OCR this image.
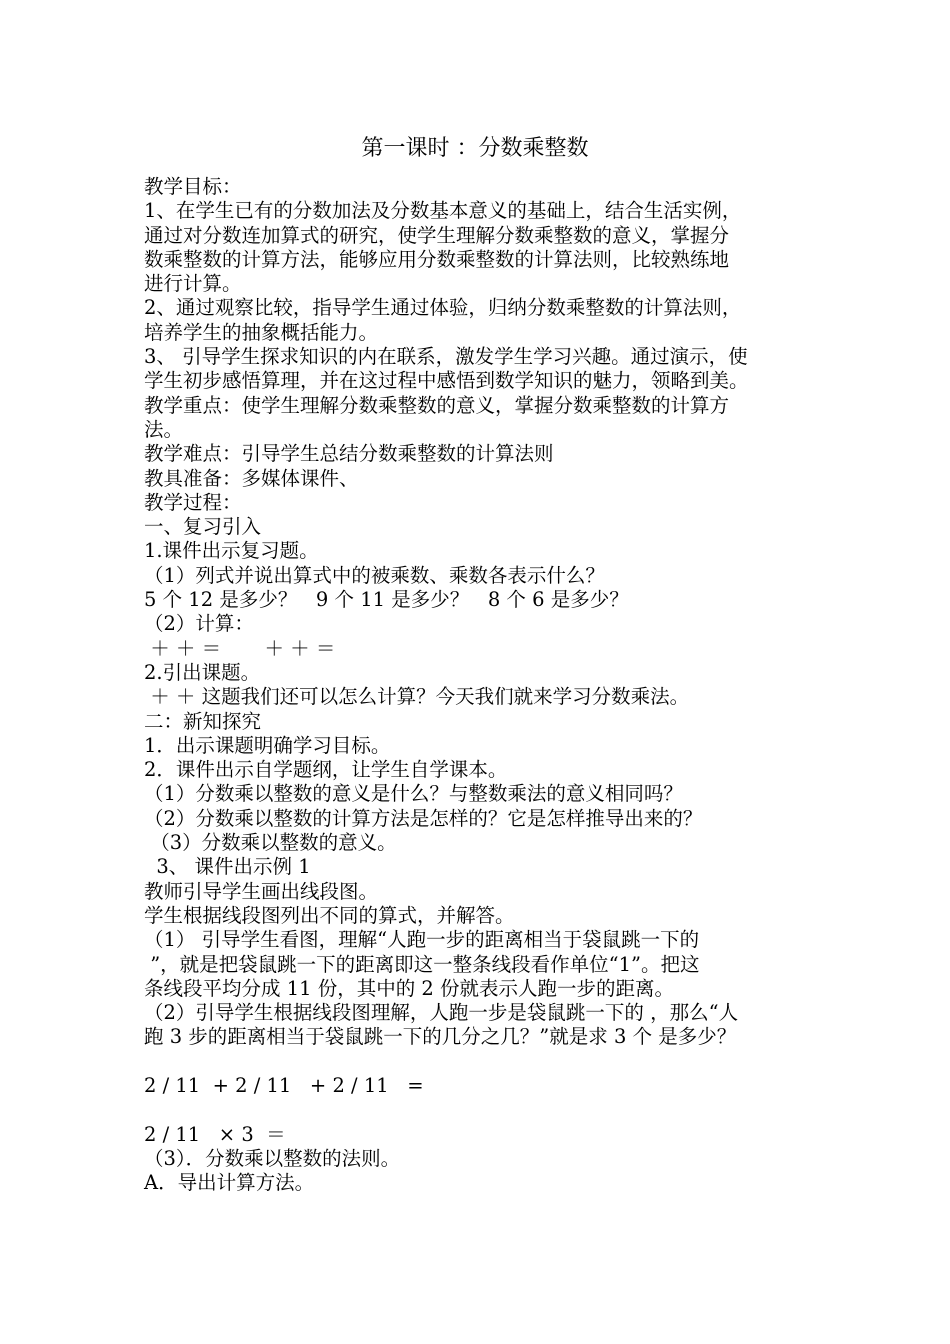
第一课时 ：分数乘整数

教学目标：

1、在学生已有的分数加法及分数基本意义的基础上，结合生活实例，

通过对分数连加算式的研究，使学生理解分数乘整数的意义，掌握分

数乘整数的计算方法，能够应用分数乘整数的计算法则，比较熟练地

进行计算。

2、通过观察比较，指导学生通过体验，归纳分数乘整数的计算法则，

培养学生的抽象概括能力。

3、 引导学生探求知识的内在联系，激发学生学习兴趣。通过演示，使

学生初步感悟算理，并在这过程中感悟到数学知识的魅力，领略到美。

教学重点：使学生理解分数乘整数的意义，掌握分数乘整数的计算方

法。

教学难点：引导学生总结分数乘整数的计算法则

教具准备：多媒体课件、

教学过程：

一、复习引入

1.课件出示复习题。

（1）列式并说出算式中的被乘数、乘数各表示什么？

5 个 12 是多少？   9 个 11 是多少？   8 个 6 是多少？

（2）计算：

＋ ＋ ＝       ＋ ＋ ＝

2.引出课题。

＋ ＋ 这题我们还可以怎么计算？今天我们就来学习分数乘法。

二：新知探究

1．出示课题明确学习目标。

2．课件出示自学题纲，让学生自学课本。

（1）分数乘以整数的意义是什么？与整数乘法的意义相同吗？

（2）分数乘以整数的计算方法是怎样的？它是怎样推导出来的？

（3）分数乘以整数的意义。

3、 课件出示例 1

教师引导学生画出线段图。

学生根据线段图列出不同的算式，并解答。

（1） 引导学生看图，理解“人跑一步的距离相当于袋鼠跳一下的

”，就是把袋鼠跳一下的距离即这一整条线段看作单位“1”。把这

条线段平均分成 11 份，其中的 2 份就表示人跑一步的距离。

（2）引导学生根据线段图理解，人跑一步是袋鼠跳一下的 ，那么“人

跑 3 步的距离相当于袋鼠跳一下的几分之几？”就是求 3 个 是多少？

2 / 11  + 2 / 11   + 2 / 11   =

2 / 11   × 3  ＝

（3）．分数乘以整数的法则。

A．导出计算方法。
